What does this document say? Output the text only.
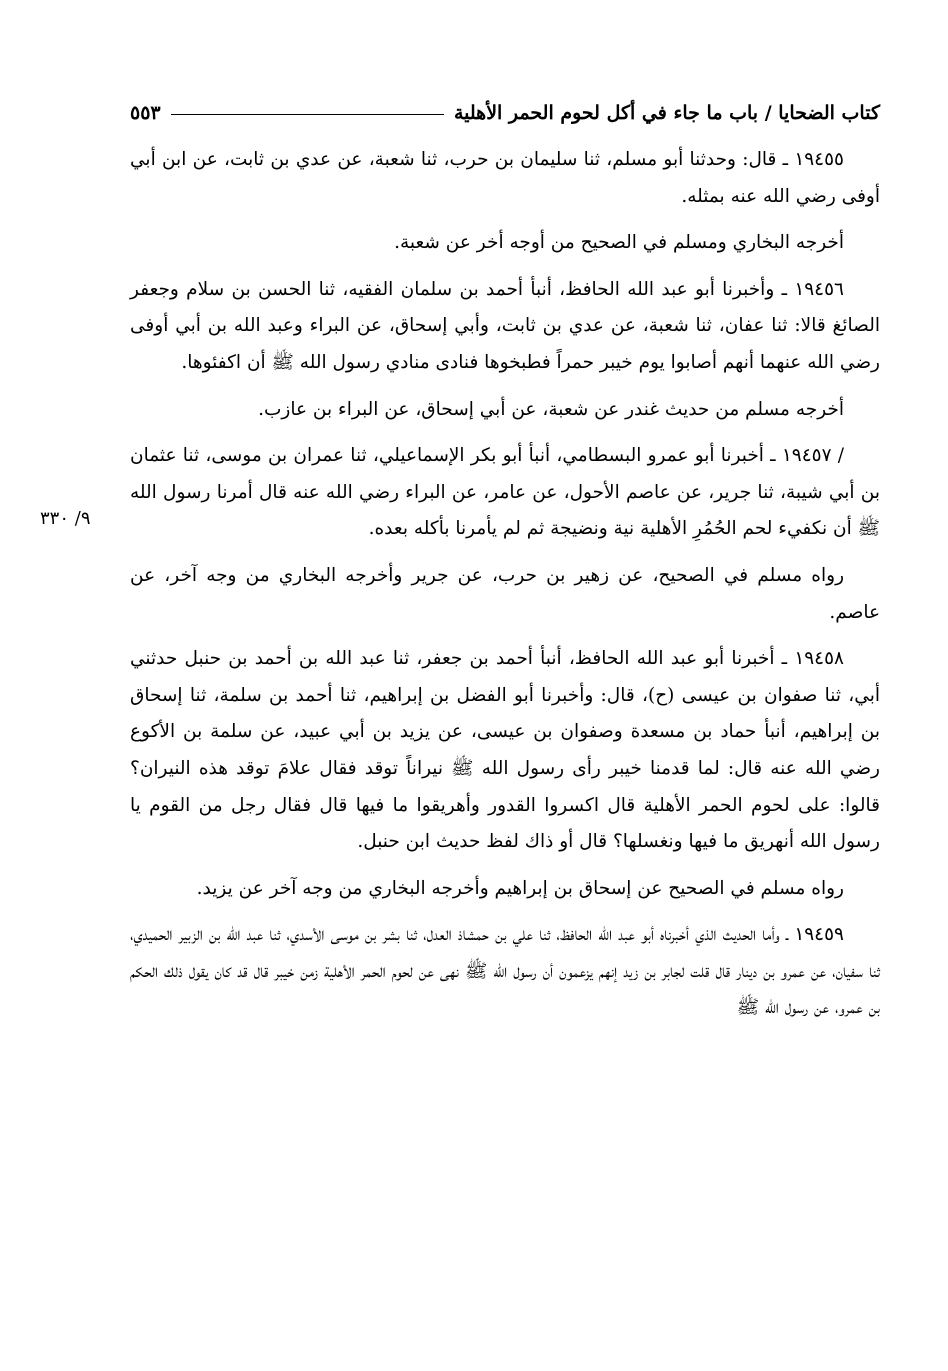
كتاب الضحايا / باب ما جاء في أكل لحوم الحمر الأهلية
٥٥٣
٩/ ٣٣٠

١٩٤٥٥ ـ قال: وحدثنا أبو مسلم، ثنا سليمان بن حرب، ثنا شعبة، عن عدي بن ثابت، عن ابن أبي أوفى رضي الله عنه بمثله.

أخرجه البخاري ومسلم في الصحيح من أوجه أخر عن شعبة.

١٩٤٥٦ ـ وأخبرنا أبو عبد الله الحافظ، أنبأ أحمد بن سلمان الفقيه، ثنا الحسن بن سلام وجعفر الصائغ قالا: ثنا عفان، ثنا شعبة، عن عدي بن ثابت، وأبي إسحاق، عن البراء وعبد الله بن أبي أوفى رضي الله عنهما أنهم أصابوا يوم خيبر حمراً فطبخوها فنادى منادي رسول الله ﷺ أن اكفئوها.

أخرجه مسلم من حديث غندر عن شعبة، عن أبي إسحاق، عن البراء بن عازب.

/ ١٩٤٥٧ ـ أخبرنا أبو عمرو البسطامي، أنبأ أبو بكر الإسماعيلي، ثنا عمران بن موسى، ثنا عثمان بن أبي شيبة، ثنا جرير، عن عاصم الأحول، عن عامر، عن البراء رضي الله عنه قال أمرنا رسول الله ﷺ أن نكفيء لحم الحُمُرِ الأهلية نية ونضيجة ثم لم يأمرنا بأكله بعده.

رواه مسلم في الصحيح، عن زهير بن حرب، عن جرير وأخرجه البخاري من وجه آخر، عن عاصم.

١٩٤٥٨ ـ أخبرنا أبو عبد الله الحافظ، أنبأ أحمد بن جعفر، ثنا عبد الله بن أحمد بن حنبل حدثني أبي، ثنا صفوان بن عيسى (ح)، قال: وأخبرنا أبو الفضل بن إبراهيم، ثنا أحمد بن سلمة، ثنا إسحاق بن إبراهيم، أنبأ حماد بن مسعدة وصفوان بن عيسى، عن يزيد بن أبي عبيد، عن سلمة بن الأكوع رضي الله عنه قال: لما قدمنا خيبر رأى رسول الله ﷺ نيراناً توقد فقال علامَ توقد هذه النيران؟ قالوا: على لحوم الحمر الأهلية قال اكسروا القدور وأهريقوا ما فيها قال فقال رجل من القوم يا رسول الله أنهريق ما فيها ونغسلها؟ قال أو ذاك لفظ حديث ابن حنبل.

رواه مسلم في الصحيح عن إسحاق بن إبراهيم وأخرجه البخاري من وجه آخر عن يزيد.

١٩٤٥٩ ـ وأما الحديث الذي أخبرناه أبو عبد الله الحافظ، ثنا علي بن حمشاذ العدل، ثنا بشر بن موسى الأسدي، ثنا عبد الله بن الزبير الحميدي، ثنا سفيان، عن عمرو بن دينار قال قلت لجابر بن زيد إنهم يزعمون أن رسول الله ﷺ نهى عن لحوم الحمر الأهلية زمن خيبر قال قد كان يقول ذلك الحكم بن عمرو، عن رسول الله ﷺ
